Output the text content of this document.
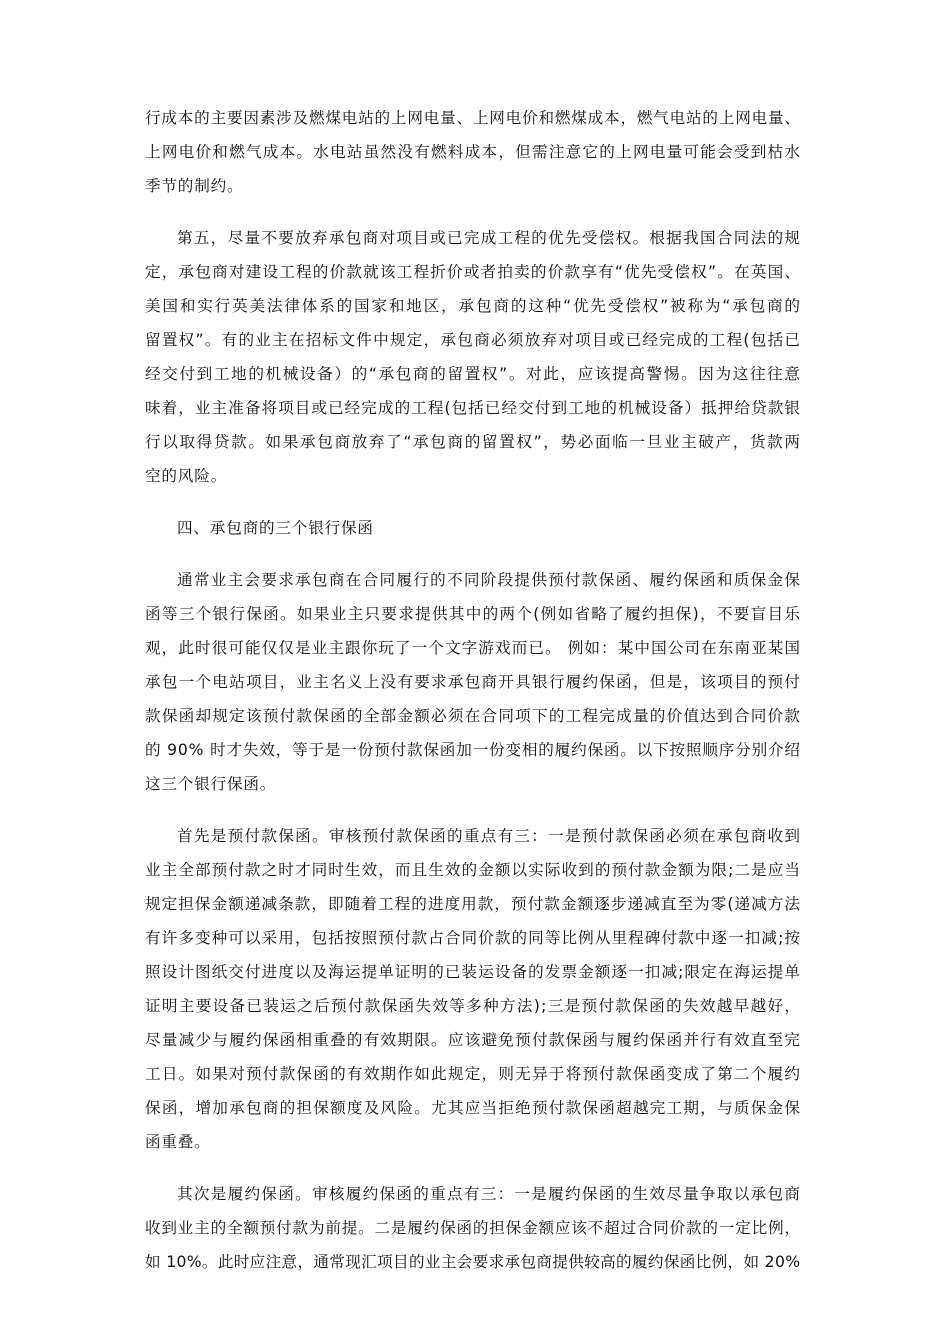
行成本的主要因素涉及燃煤电站的上网电量、上网电价和燃煤成本，燃气电站的上网电量、
上网电价和燃气成本。水电站虽然没有燃料成本，但需注意它的上网电量可能会受到枯水
季节的制约。
第五，尽量不要放弃承包商对项目或已完成工程的优先受偿权。根据我国合同法的规
定，承包商对建设工程的价款就该工程折价或者拍卖的价款享有“优先受偿权”。在英国、
美国和实行英美法律体系的国家和地区，承包商的这种“优先受偿权”被称为“承包商的
留置权”。有的业主在招标文件中规定，承包商必须放弃对项目或已经完成的工程(包括已
经交付到工地的机械设备）的“承包商的留置权”。对此，应该提高警惕。因为这往往意
味着，业主准备将项目或已经完成的工程(包括已经交付到工地的机械设备）抵押给贷款银
行以取得贷款。如果承包商放弃了“承包商的留置权”，势必面临一旦业主破产，货款两
空的风险。
四、承包商的三个银行保函
通常业主会要求承包商在合同履行的不同阶段提供预付款保函、履约保函和质保金保
函等三个银行保函。如果业主只要求提供其中的两个(例如省略了履约担保)，不要盲目乐
观，此时很可能仅仅是业主跟你玩了一个文字游戏而已。 例如：某中国公司在东南亚某国
承包一个电站项目，业主名义上没有要求承包商开具银行履约保函，但是，该项目的预付
款保函却规定该预付款保函的全部金额必须在合同项下的工程完成量的价值达到合同价款
的 90% 时才失效，等于是一份预付款保函加一份变相的履约保函。以下按照顺序分别介绍
这三个银行保函。
首先是预付款保函。审核预付款保函的重点有三：一是预付款保函必须在承包商收到
业主全部预付款之时才同时生效，而且生效的金额以实际收到的预付款金额为限;二是应当
规定担保金额递减条款，即随着工程的进度用款，预付款金额逐步递减直至为零(递减方法
有许多变种可以采用，包括按照预付款占合同价款的同等比例从里程碑付款中逐一扣减;按
照设计图纸交付进度以及海运提单证明的已装运设备的发票金额逐一扣减;限定在海运提单
证明主要设备已装运之后预付款保函失效等多种方法);三是预付款保函的失效越早越好，
尽量减少与履约保函相重叠的有效期限。应该避免预付款保函与履约保函并行有效直至完
工日。如果对预付款保函的有效期作如此规定，则无异于将预付款保函变成了第二个履约
保函，增加承包商的担保额度及风险。尤其应当拒绝预付款保函超越完工期，与质保金保
函重叠。
其次是履约保函。审核履约保函的重点有三：一是履约保函的生效尽量争取以承包商
收到业主的全额预付款为前提。二是履约保函的担保金额应该不超过合同价款的一定比例，
如 10%。此时应注意，通常现汇项目的业主会要求承包商提供较高的履约保函比例，如 20%
